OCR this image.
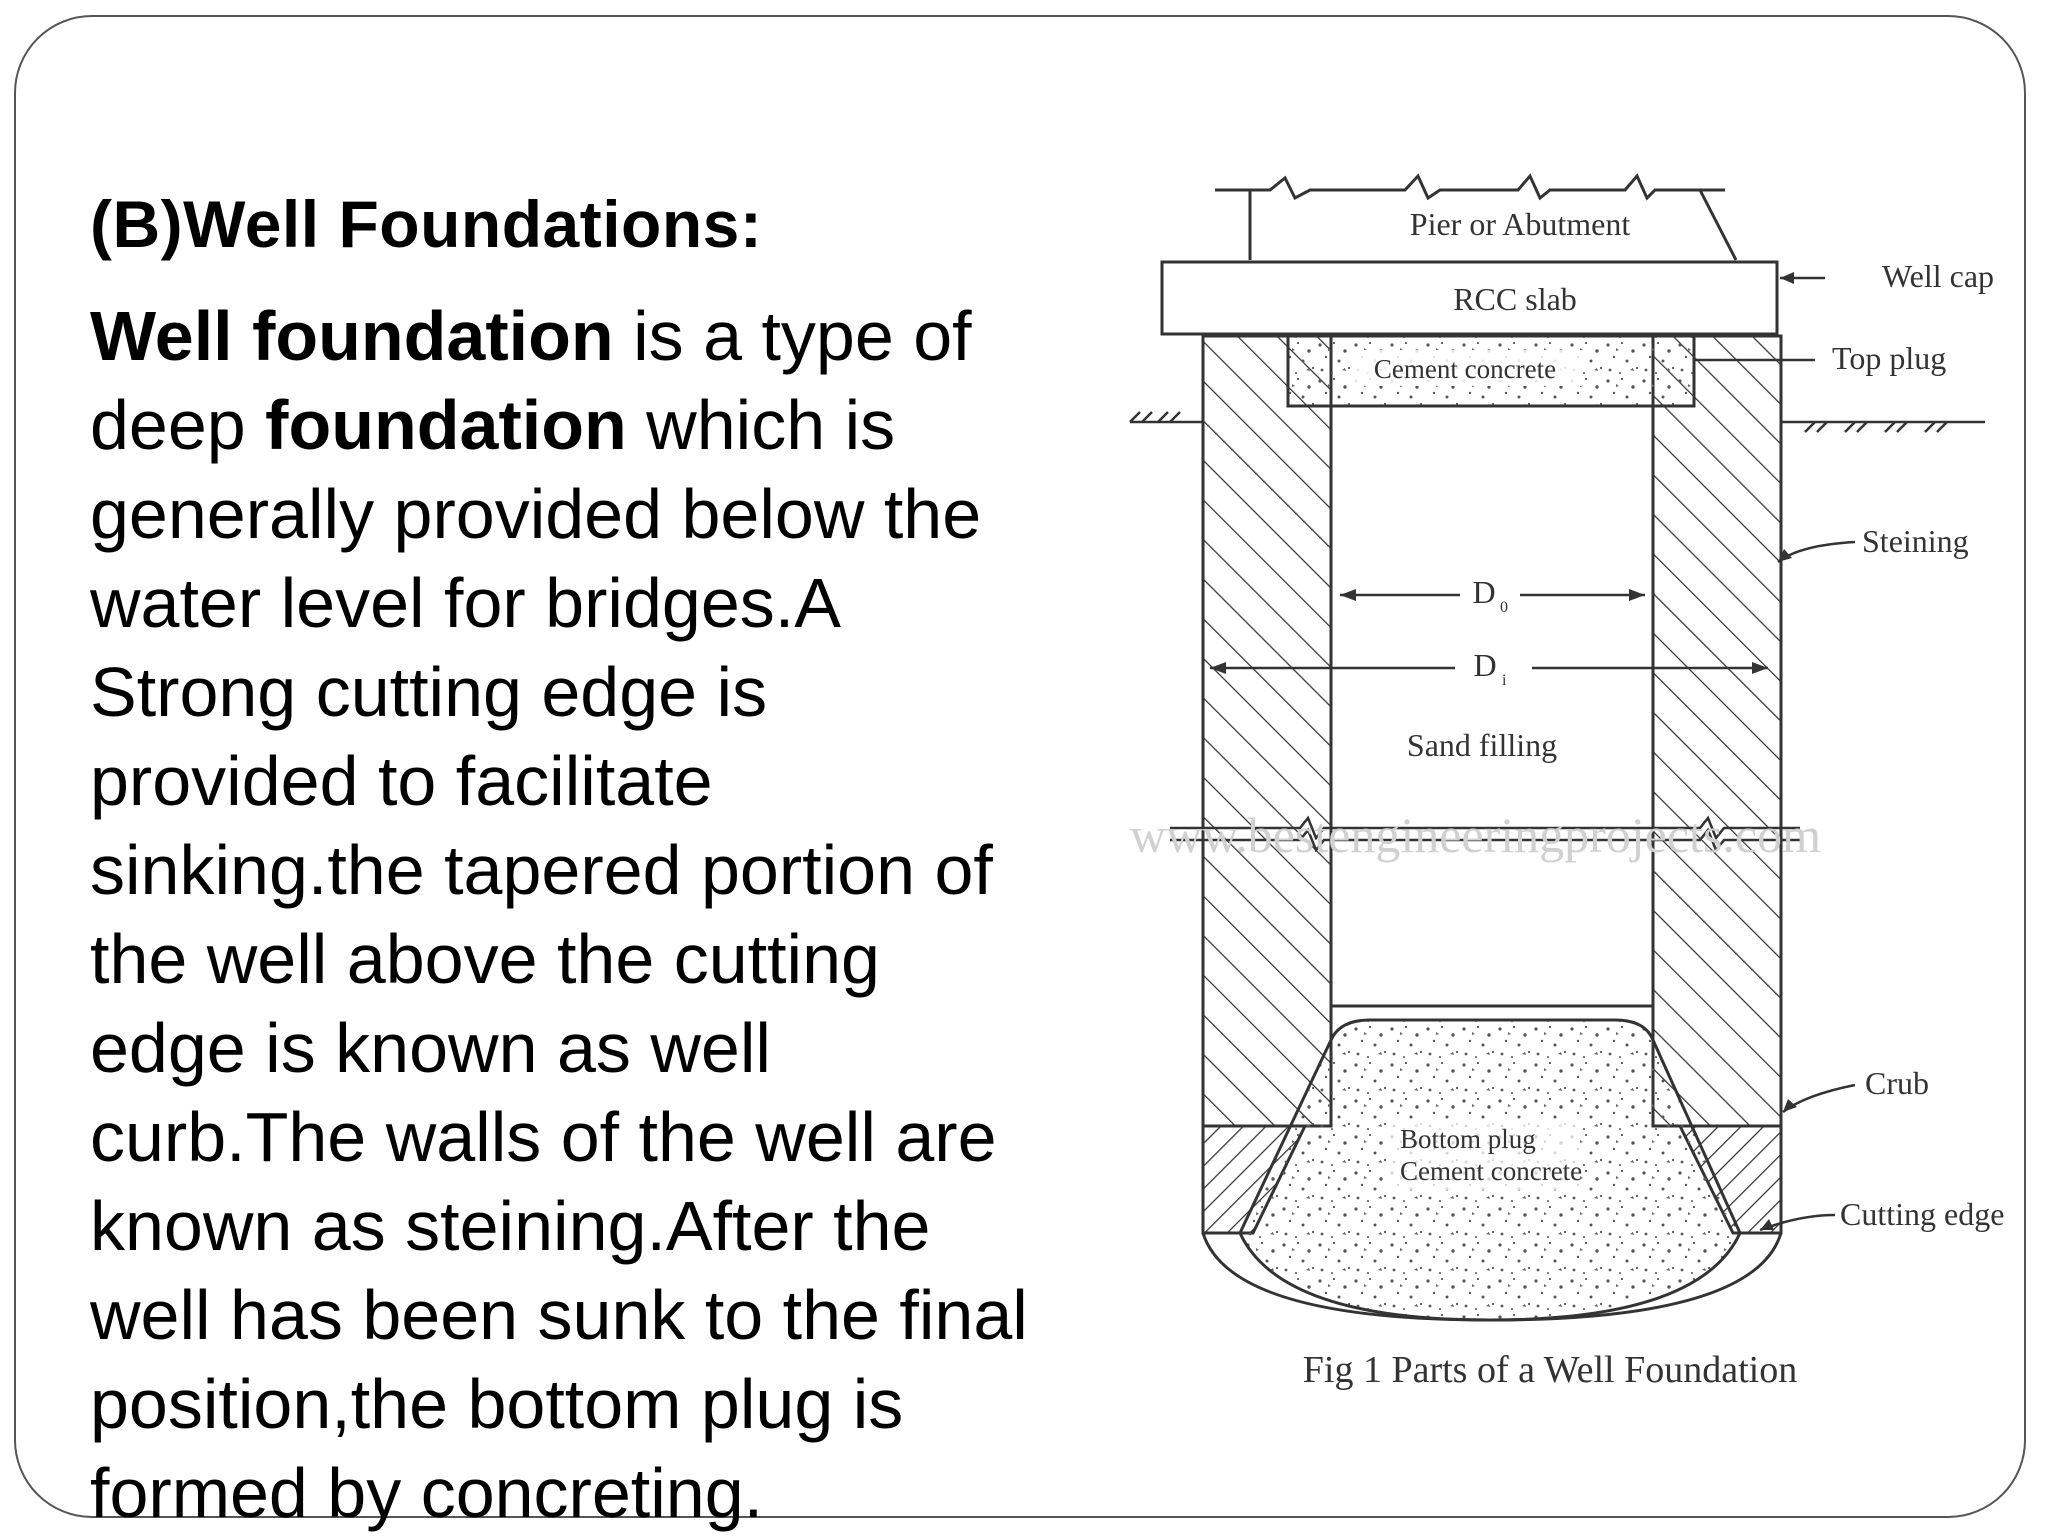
(B)Well Foundations:

Well foundation is a type of
deep foundation which is
generally provided below the
water level for bridges.A
Strong cutting edge is
provided to facilitate
sinking.the tapered portion of
the well above the cutting
edge is known as well
curb.The walls of the well are
known as steining.After the
well has been sunk to the final
position,the bottom plug is
formed by concreting.

Pier or Abutment
RCC slab
Well cap
Cement concrete	Top plug
Steining
D 0
D i
Sand filling
www.bestengineeringprojects.com
Bottom plug
Cement concrete
Crub
Cutting edge
Fig 1 Parts of a Well Foundation
